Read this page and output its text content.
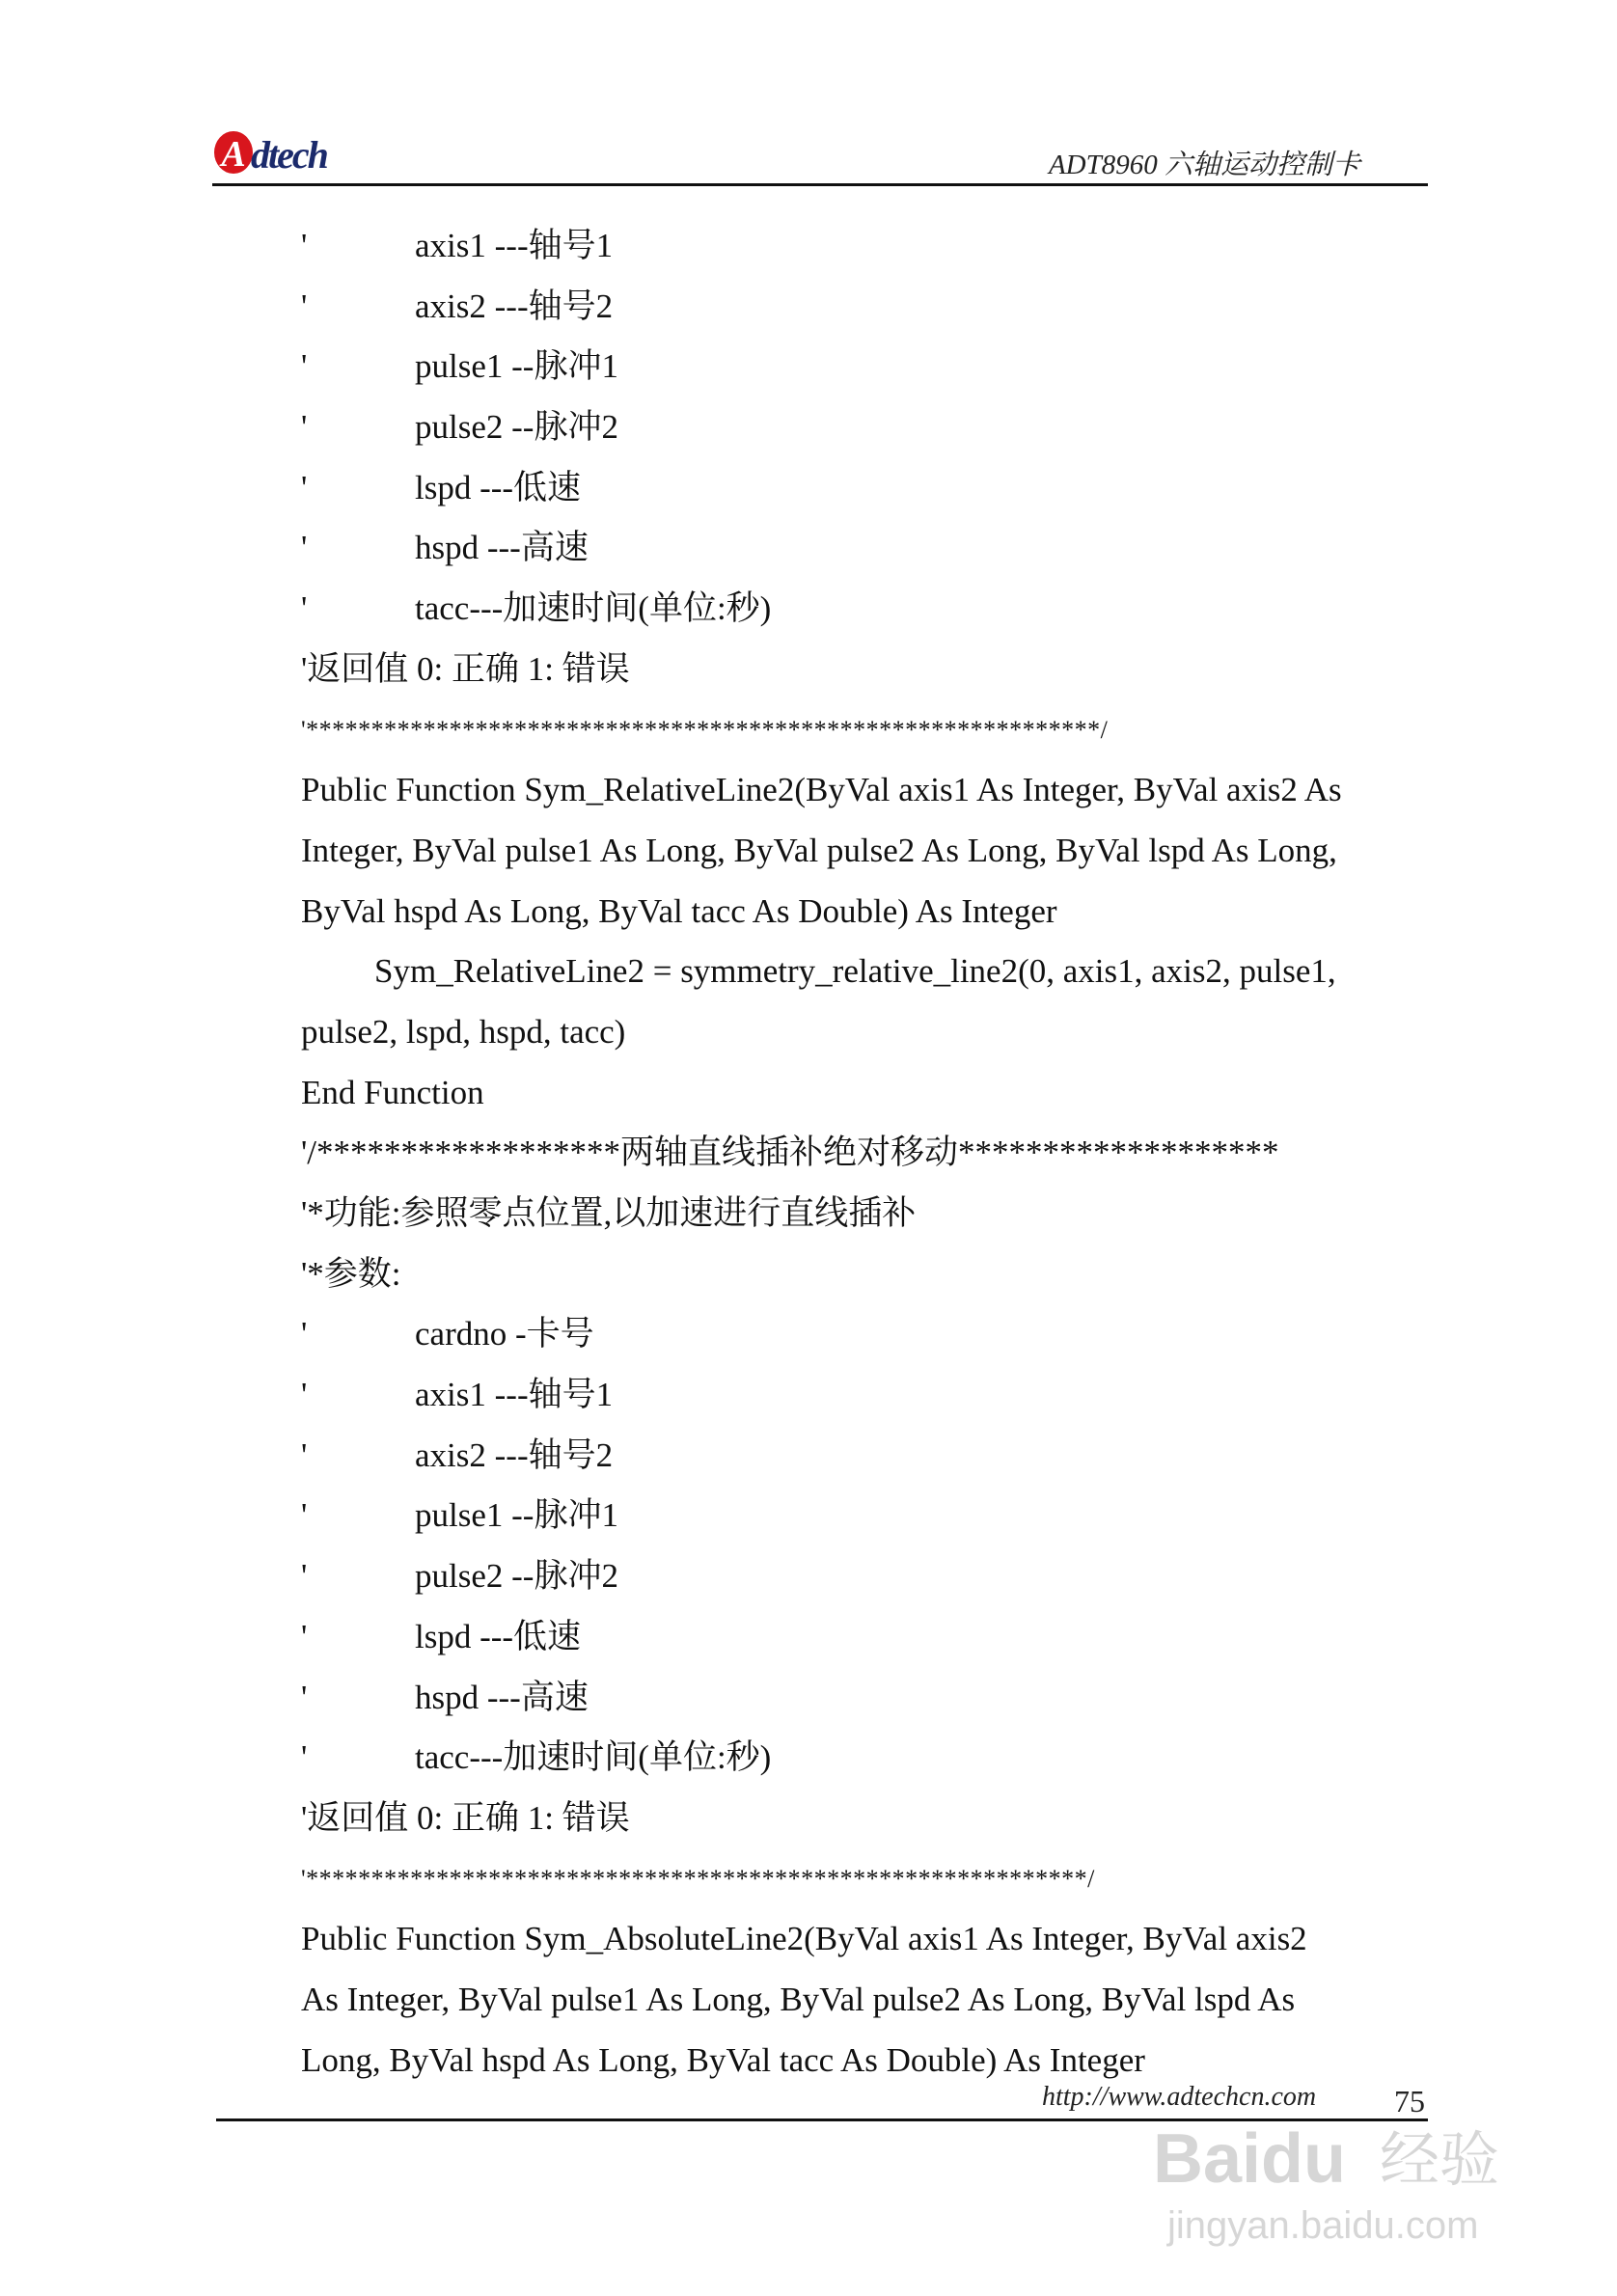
A dtech	ADT8960 六轴运动控制卡
'	axis1 ---轴号1
'	axis2 ---轴号2
'	pulse1 --脉冲1
'	pulse2 --脉冲2
'	lspd ---低速
'	hspd ---高速
'	tacc---加速时间(单位:秒)
'返回值 0: 正确 1: 错误
'*************************************************************/
Public Function Sym_RelativeLine2(ByVal axis1 As Integer, ByVal axis2 As
Integer, ByVal pulse1 As Long, ByVal pulse2 As Long, ByVal lspd As Long,
ByVal hspd As Long, ByVal tacc As Double) As Integer
Sym_RelativeLine2 = symmetry_relative_line2(0, axis1, axis2, pulse1,
pulse2, lspd, hspd, tacc)
End Function
'/******************两轴直线插补绝对移动*******************
'*功能:参照零点位置,以加速进行直线插补
'*参数:
'	cardno -卡号
'	axis1 ---轴号1
'	axis2 ---轴号2
'	pulse1 --脉冲1
'	pulse2 --脉冲2
'	lspd ---低速
'	hspd ---高速
'	tacc---加速时间(单位:秒)
'返回值 0: 正确 1: 错误
'************************************************************/
Public Function Sym_AbsoluteLine2(ByVal axis1 As Integer, ByVal axis2
As Integer, ByVal pulse1 As Long, ByVal pulse2 As Long, ByVal lspd As
Long, ByVal hspd As Long, ByVal tacc As Double) As Integer
http://www.adtechcn.com	75
Baidu 经验
jingyan.baidu.com
